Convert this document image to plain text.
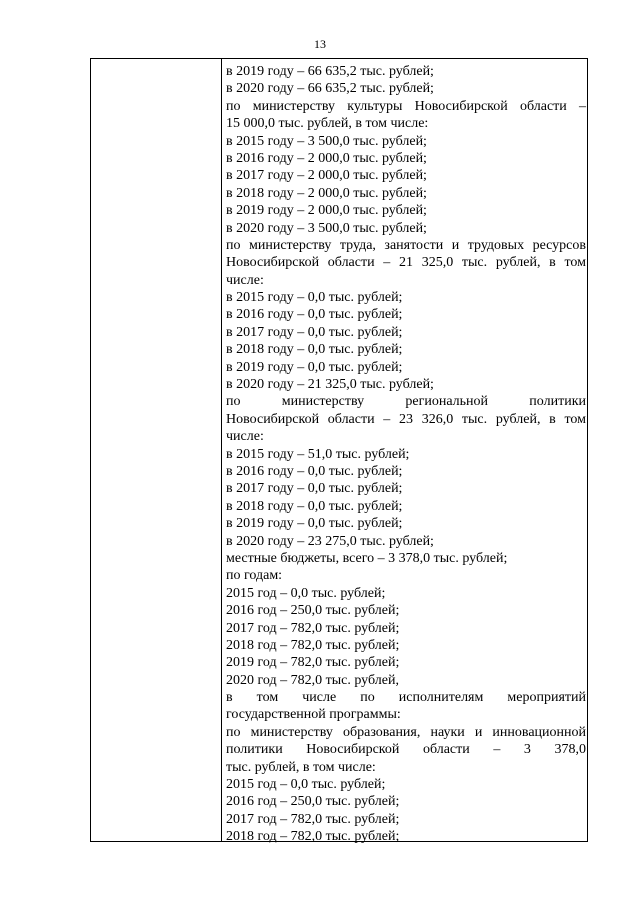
13
в 2019 году – 66 635,2 тыс. рублей;
в 2020 году – 66 635,2 тыс. рублей;
по министерству культуры Новосибирской области –
15 000,0 тыс. рублей, в том числе:
в 2015 году – 3 500,0 тыс. рублей;
в 2016 году – 2 000,0 тыс. рублей;
в 2017 году – 2 000,0 тыс. рублей;
в 2018 году – 2 000,0 тыс. рублей;
в 2019 году – 2 000,0 тыс. рублей;
в 2020 году – 3 500,0 тыс. рублей;
по министерству труда, занятости и трудовых ресурсов
Новосибирской области – 21 325,0 тыс. рублей, в том
числе:
в 2015 году – 0,0 тыс. рублей;
в 2016 году – 0,0 тыс. рублей;
в 2017 году – 0,0 тыс. рублей;
в 2018 году – 0,0 тыс. рублей;
в 2019 году – 0,0 тыс. рублей;
в 2020 году – 21 325,0 тыс. рублей;
по министерству региональной политики
Новосибирской области – 23 326,0 тыс. рублей, в том
числе:
в 2015 году – 51,0 тыс. рублей;
в 2016 году – 0,0 тыс. рублей;
в 2017 году – 0,0 тыс. рублей;
в 2018 году – 0,0 тыс. рублей;
в 2019 году – 0,0 тыс. рублей;
в 2020 году – 23 275,0 тыс. рублей;
местные бюджеты, всего – 3 378,0 тыс. рублей;
по годам:
2015 год – 0,0 тыс. рублей;
2016 год – 250,0 тыс. рублей;
2017 год – 782,0 тыс. рублей;
2018 год – 782,0 тыс. рублей;
2019 год – 782,0 тыс. рублей;
2020 год – 782,0 тыс. рублей,
в том числе по исполнителям мероприятий
государственной программы:
по министерству образования, науки и инновационной
политики Новосибирской области – 3 378,0
тыс. рублей, в том числе:
2015 год – 0,0 тыс. рублей;
2016 год – 250,0 тыс. рублей;
2017 год – 782,0 тыс. рублей;
2018 год – 782,0 тыс. рублей;
